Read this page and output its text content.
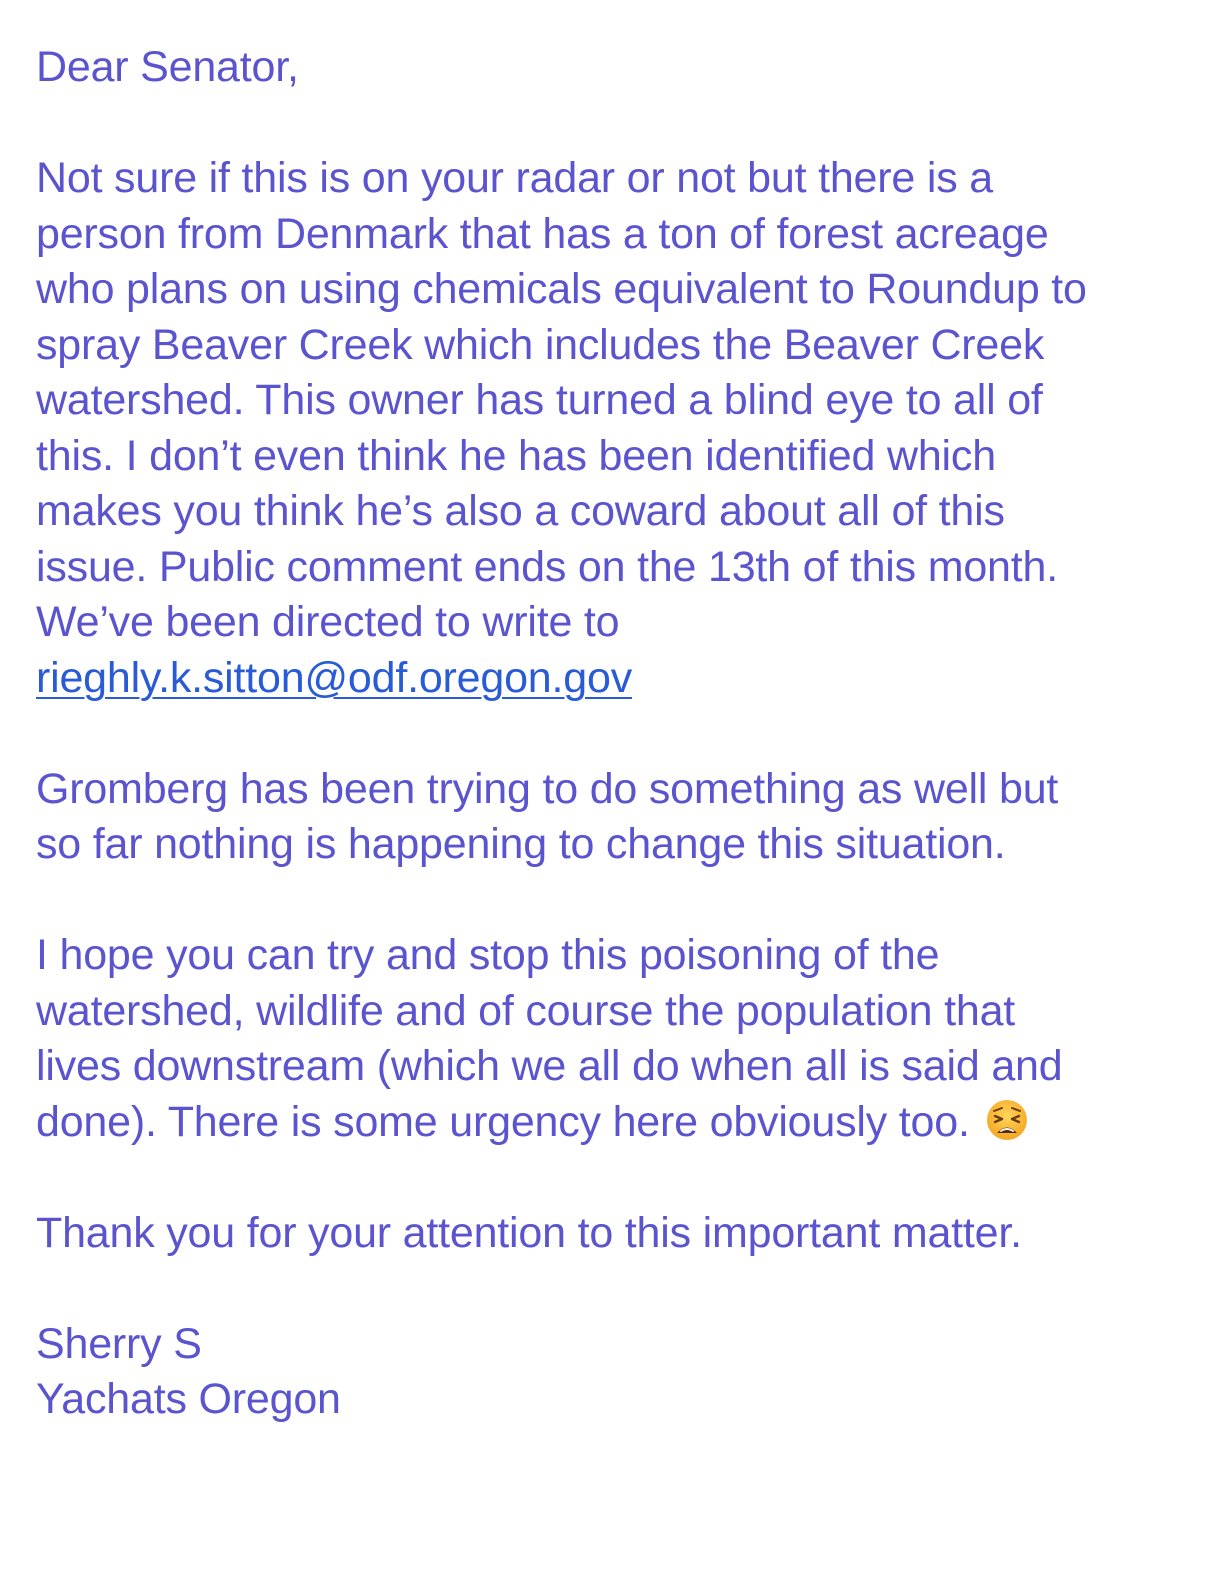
Dear Senator,
Not sure if this is on your radar or not but there is a
person from Denmark that has a ton of forest acreage
who plans on using chemicals equivalent to Roundup to
spray Beaver Creek which includes the Beaver Creek
watershed. This owner has turned a blind eye to all of
this. I don’t even think he has been identified which
makes you think he’s also a coward about all of this
issue. Public comment ends on the 13th of this month.
We’ve been directed to write to
rieghly.k.sitton@odf.oregon.gov
Gromberg has been trying to do something as well but
so far nothing is happening to change this situation.
I hope you can try and stop this poisoning of the
watershed, wildlife and of course the population that
lives downstream (which we all do when all is said and
done). There is some urgency here obviously too.
Thank you for your attention to this important matter.
Sherry S
Yachats Oregon
